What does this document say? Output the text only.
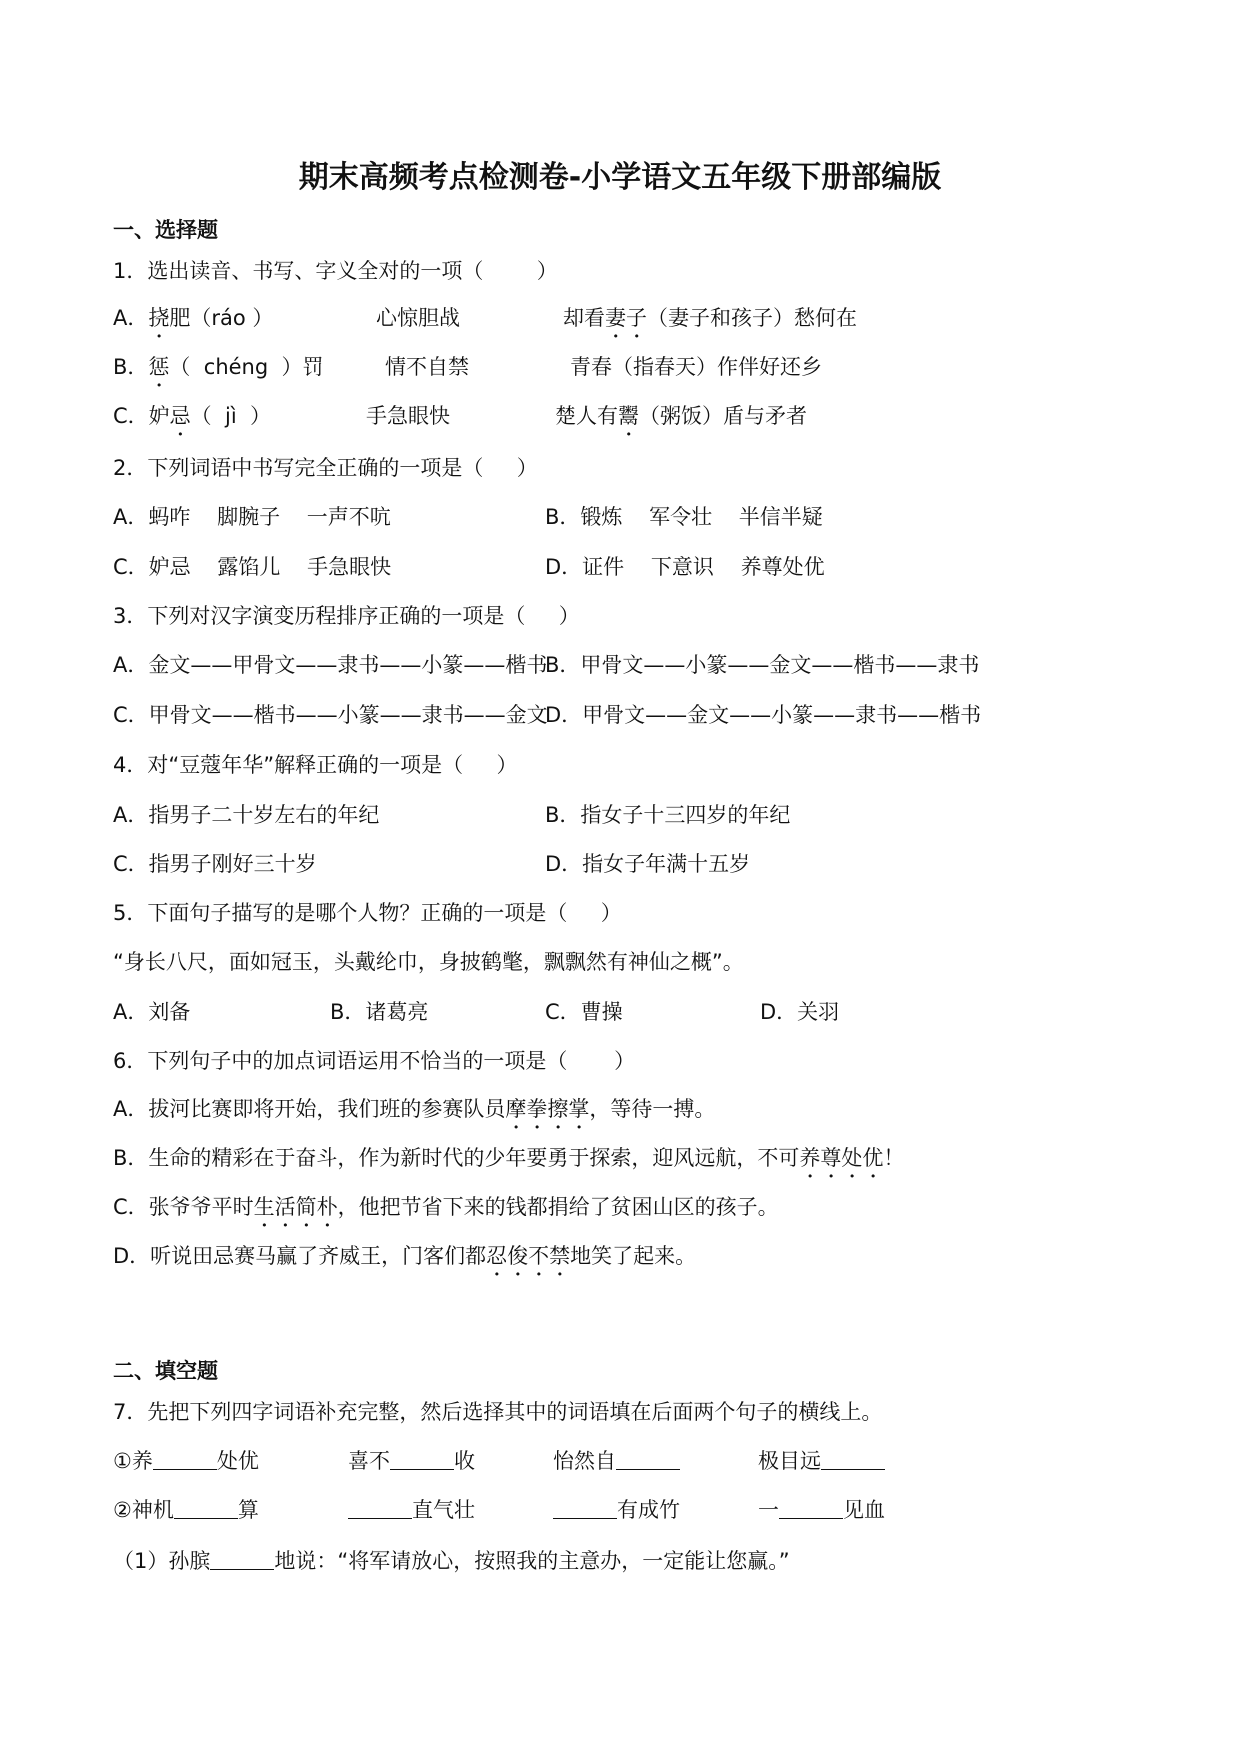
期末高频考点检测卷-小学语文五年级下册部编版
一、选择题
1．选出读音、书写、字义全对的一项（        ）
A．挠肥（ráo ）	心惊胆战	却看妻子（妻子和孩子）愁何在
B．惩（  chéng  ）罚	情不自禁	青春（指春天）作伴好还乡
C．妒忌（  jì  ）	手急眼快	楚人有鬻（粥饭）盾与矛者
2．下列词语中书写完全正确的一项是（     ）
A．蚂咋    脚腕子    一声不吭	B．锻炼    军令壮    半信半疑
C．妒忌    露馅儿    手急眼快	D．证件    下意识    养尊处优
3．下列对汉字演变历程排序正确的一项是（     ）
A．金文——甲骨文——隶书——小篆——楷书
B．甲骨文——小篆——金文——楷书——隶书
C．甲骨文——楷书——小篆——隶书——金文
D．甲骨文——金文——小篆——隶书——楷书
4．对“豆蔻年华”解释正确的一项是（     ）
A．指男子二十岁左右的年纪	B．指女子十三四岁的年纪
C．指男子刚好三十岁	D．指女子年满十五岁
5．下面句子描写的是哪个人物？正确的一项是（     ）
“身长八尺，面如冠玉，头戴纶巾，身披鹤氅，飘飘然有神仙之概”。
A．刘备	B．诸葛亮	C．曹操	D．关羽
6．下列句子中的加点词语运用不恰当的一项是（       ）
A．拔河比赛即将开始，我们班的参赛队员摩拳擦掌，等待一搏。
B．生命的精彩在于奋斗，作为新时代的少年要勇于探索，迎风远航，不可养尊处优！
C．张爷爷平时生活简朴，他把节省下来的钱都捐给了贫困山区的孩子。
D．听说田忌赛马赢了齐威王，门客们都忍俊不禁地笑了起来。
二、填空题
7．先把下列四字词语补充完整，然后选择其中的词语填在后面两个句子的横线上。
①养	处优	喜不	收	怡然自	极目远
②神机	算	直气壮	有成竹	一	见血
（1）孙膑	地说：“将军请放心，按照我的主意办，一定能让您赢。”
